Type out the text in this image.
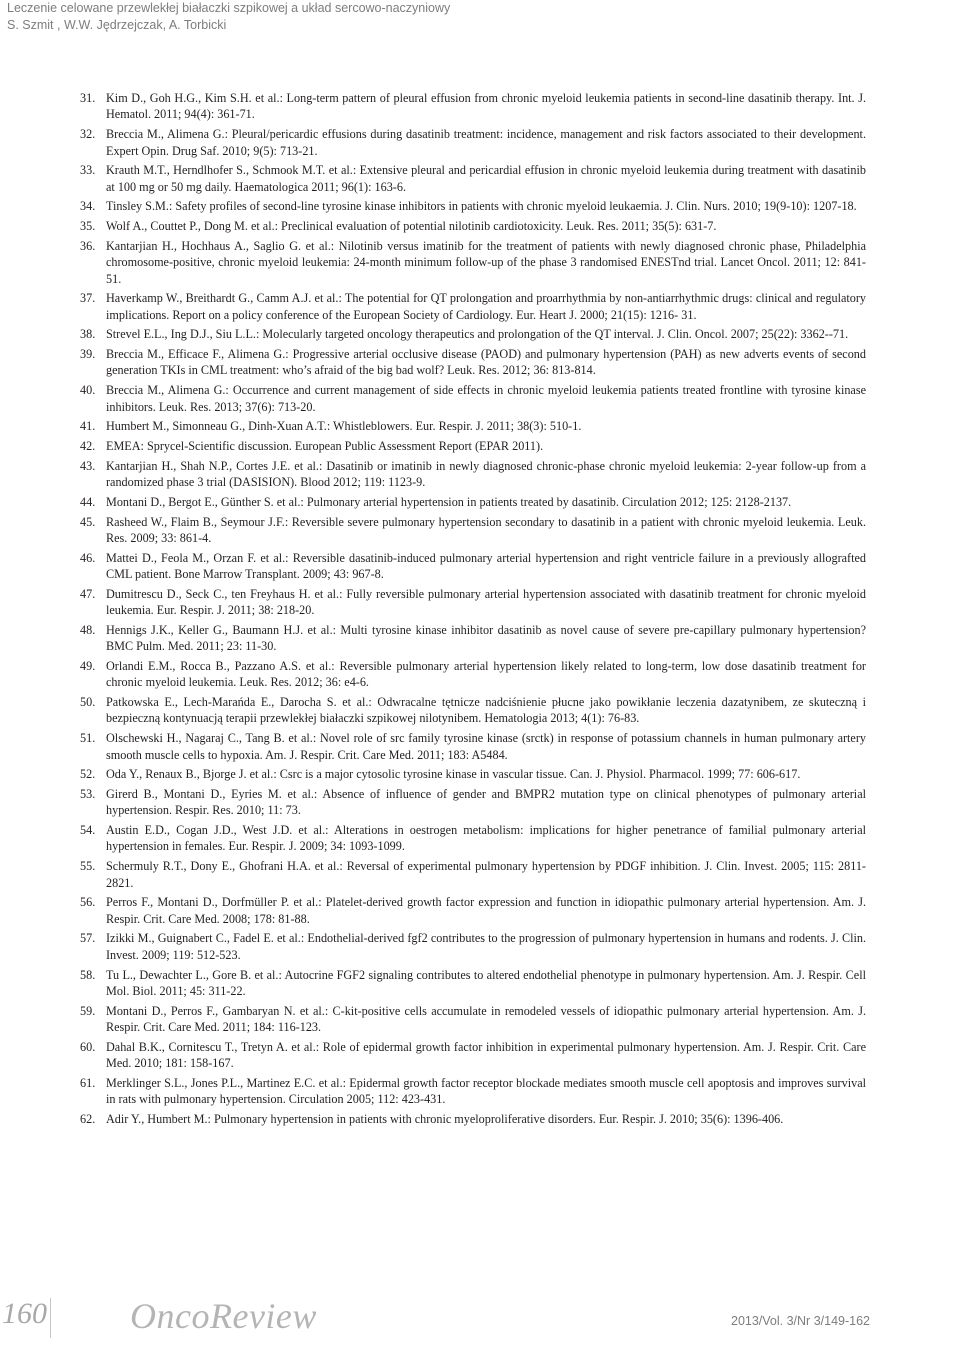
Leczenie celowane przewlekłej białaczki szpikowej a układ sercowo-naczyniowy
S. Szmit , W.W. Jędrzejczak, A. Torbicki
31. Kim D., Goh H.G., Kim S.H. et al.: Long-term pattern of pleural effusion from chronic myeloid leukemia patients in second-line dasatinib therapy. Int. J. Hematol. 2011; 94(4): 361-71.
32. Breccia M., Alimena G.: Pleural/pericardic effusions during dasatinib treatment: incidence, management and risk factors associated to their development. Expert Opin. Drug Saf. 2010; 9(5): 713-21.
33. Krauth M.T., Herndlhofer S., Schmook M.T. et al.: Extensive pleural and pericardial effusion in chronic myeloid leukemia during treatment with dasatinib at 100 mg or 50 mg daily. Haematologica 2011; 96(1): 163-6.
34. Tinsley S.M.: Safety profiles of second-line tyrosine kinase inhibitors in patients with chronic myeloid leukaemia. J. Clin. Nurs. 2010; 19(9-10): 1207-18.
35. Wolf A., Couttet P., Dong M. et al.: Preclinical evaluation of potential nilotinib cardiotoxicity. Leuk. Res. 2011; 35(5): 631-7.
36. Kantarjian H., Hochhaus A., Saglio G. et al.: Nilotinib versus imatinib for the treatment of patients with newly diagnosed chronic phase, Philadelphia chromosome-positive, chronic myeloid leukemia: 24-month minimum follow-up of the phase 3 randomised ENESTnd trial. Lancet Oncol. 2011; 12: 841-51.
37. Haverkamp W., Breithardt G., Camm A.J. et al.: The potential for QT prolongation and proarrhythmia by non-antiarrhythmic drugs: clinical and regulatory implications. Report on a policy conference of the European Society of Cardiology. Eur. Heart J. 2000; 21(15): 1216- 31.
38. Strevel E.L., Ing D.J., Siu L.L.: Molecularly targeted oncology therapeutics and prolongation of the QT interval. J. Clin. Oncol. 2007; 25(22): 3362--71.
39. Breccia M., Efficace F., Alimena G.: Progressive arterial occlusive disease (PAOD) and pulmonary hypertension (PAH) as new adverts events of second generation TKIs in CML treatment: who’s afraid of the big bad wolf? Leuk. Res. 2012; 36: 813-814.
40. Breccia M., Alimena G.: Occurrence and current management of side effects in chronic myeloid leukemia patients treated frontline with tyrosine kinase inhibitors. Leuk. Res. 2013; 37(6): 713-20.
41. Humbert M., Simonneau G., Dinh-Xuan A.T.: Whistleblowers. Eur. Respir. J. 2011; 38(3): 510-1.
42. EMEA: Sprycel-Scientific discussion. European Public Assessment Report (EPAR 2011).
43. Kantarjian H., Shah N.P., Cortes J.E. et al.: Dasatinib or imatinib in newly diagnosed chronic-phase chronic myeloid leukemia: 2-year follow-up from a randomized phase 3 trial (DASISION). Blood 2012; 119: 1123-9.
44. Montani D., Bergot E., Günther S. et al.: Pulmonary arterial hypertension in patients treated by dasatinib. Circulation 2012; 125: 2128-2137.
45. Rasheed W., Flaim B., Seymour J.F.: Reversible severe pulmonary hypertension secondary to dasatinib in a patient with chronic myeloid leukemia. Leuk. Res. 2009; 33: 861-4.
46. Mattei D., Feola M., Orzan F. et al.: Reversible dasatinib-induced pulmonary arterial hypertension and right ventricle failure in a previously allografted CML patient. Bone Marrow Transplant. 2009; 43: 967-8.
47. Dumitrescu D., Seck C., ten Freyhaus H. et al.: Fully reversible pulmonary arterial hypertension associated with dasatinib treatment for chronic myeloid leukemia. Eur. Respir. J. 2011; 38: 218-20.
48. Hennigs J.K., Keller G., Baumann H.J. et al.: Multi tyrosine kinase inhibitor dasatinib as novel cause of severe pre-capillary pulmonary hypertension? BMC Pulm. Med. 2011; 23: 11-30.
49. Orlandi E.M., Rocca B., Pazzano A.S. et al.: Reversible pulmonary arterial hypertension likely related to long-term, low dose dasatinib treatment for chronic myeloid leukemia. Leuk. Res. 2012; 36: e4-6.
50. Patkowska E., Lech-Marańda E., Darocha S. et al.: Odwracalne tętnicze nadciśnienie płucne jako powikłanie leczenia dazatynibem, ze skuteczną i bezpieczną kontynuacją terapii przewlekłej białaczki szpikowej nilotynibem. Hematologia 2013; 4(1): 76-83.
51. Olschewski H., Nagaraj C., Tang B. et al.: Novel role of src family tyrosine kinase (srctk) in response of potassium channels in human pulmonary artery smooth muscle cells to hypoxia. Am. J. Respir. Crit. Care Med. 2011; 183: A5484.
52. Oda Y., Renaux B., Bjorge J. et al.: Csrc is a major cytosolic tyrosine kinase in vascular tissue. Can. J. Physiol. Pharmacol. 1999; 77: 606-617.
53. Girerd B., Montani D., Eyries M. et al.: Absence of influence of gender and BMPR2 mutation type on clinical phenotypes of pulmonary arterial hypertension. Respir. Res. 2010; 11: 73.
54. Austin E.D., Cogan J.D., West J.D. et al.: Alterations in oestrogen metabolism: implications for higher penetrance of familial pulmonary arterial hypertension in females. Eur. Respir. J. 2009; 34: 1093-1099.
55. Schermuly R.T., Dony E., Ghofrani H.A. et al.: Reversal of experimental pulmonary hypertension by PDGF inhibition. J. Clin. Invest. 2005; 115: 2811-2821.
56. Perros F., Montani D., Dorfmüller P. et al.: Platelet-derived growth factor expression and function in idiopathic pulmonary arterial hypertension. Am. J. Respir. Crit. Care Med. 2008; 178: 81-88.
57. Izikki M., Guignabert C., Fadel E. et al.: Endothelial-derived fgf2 contributes to the progression of pulmonary hypertension in humans and rodents. J. Clin. Invest. 2009; 119: 512-523.
58. Tu L., Dewachter L., Gore B. et al.: Autocrine FGF2 signaling contributes to altered endothelial phenotype in pulmonary hypertension. Am. J. Respir. Cell Mol. Biol. 2011; 45: 311-22.
59. Montani D., Perros F., Gambaryan N. et al.: C-kit-positive cells accumulate in remodeled vessels of idiopathic pulmonary arterial hypertension. Am. J. Respir. Crit. Care Med. 2011; 184: 116-123.
60. Dahal B.K., Cornitescu T., Tretyn A. et al.: Role of epidermal growth factor inhibition in experimental pulmonary hypertension. Am. J. Respir. Crit. Care Med. 2010; 181: 158-167.
61. Merklinger S.L., Jones P.L., Martinez E.C. et al.: Epidermal growth factor receptor blockade mediates smooth muscle cell apoptosis and improves survival in rats with pulmonary hypertension. Circulation 2005; 112: 423-431.
62. Adir Y., Humbert M.: Pulmonary hypertension in patients with chronic myeloproliferative disorders. Eur. Respir. J. 2010; 35(6): 1396-406.
160 OncoReview	2013/Vol. 3/Nr 3/149-162
